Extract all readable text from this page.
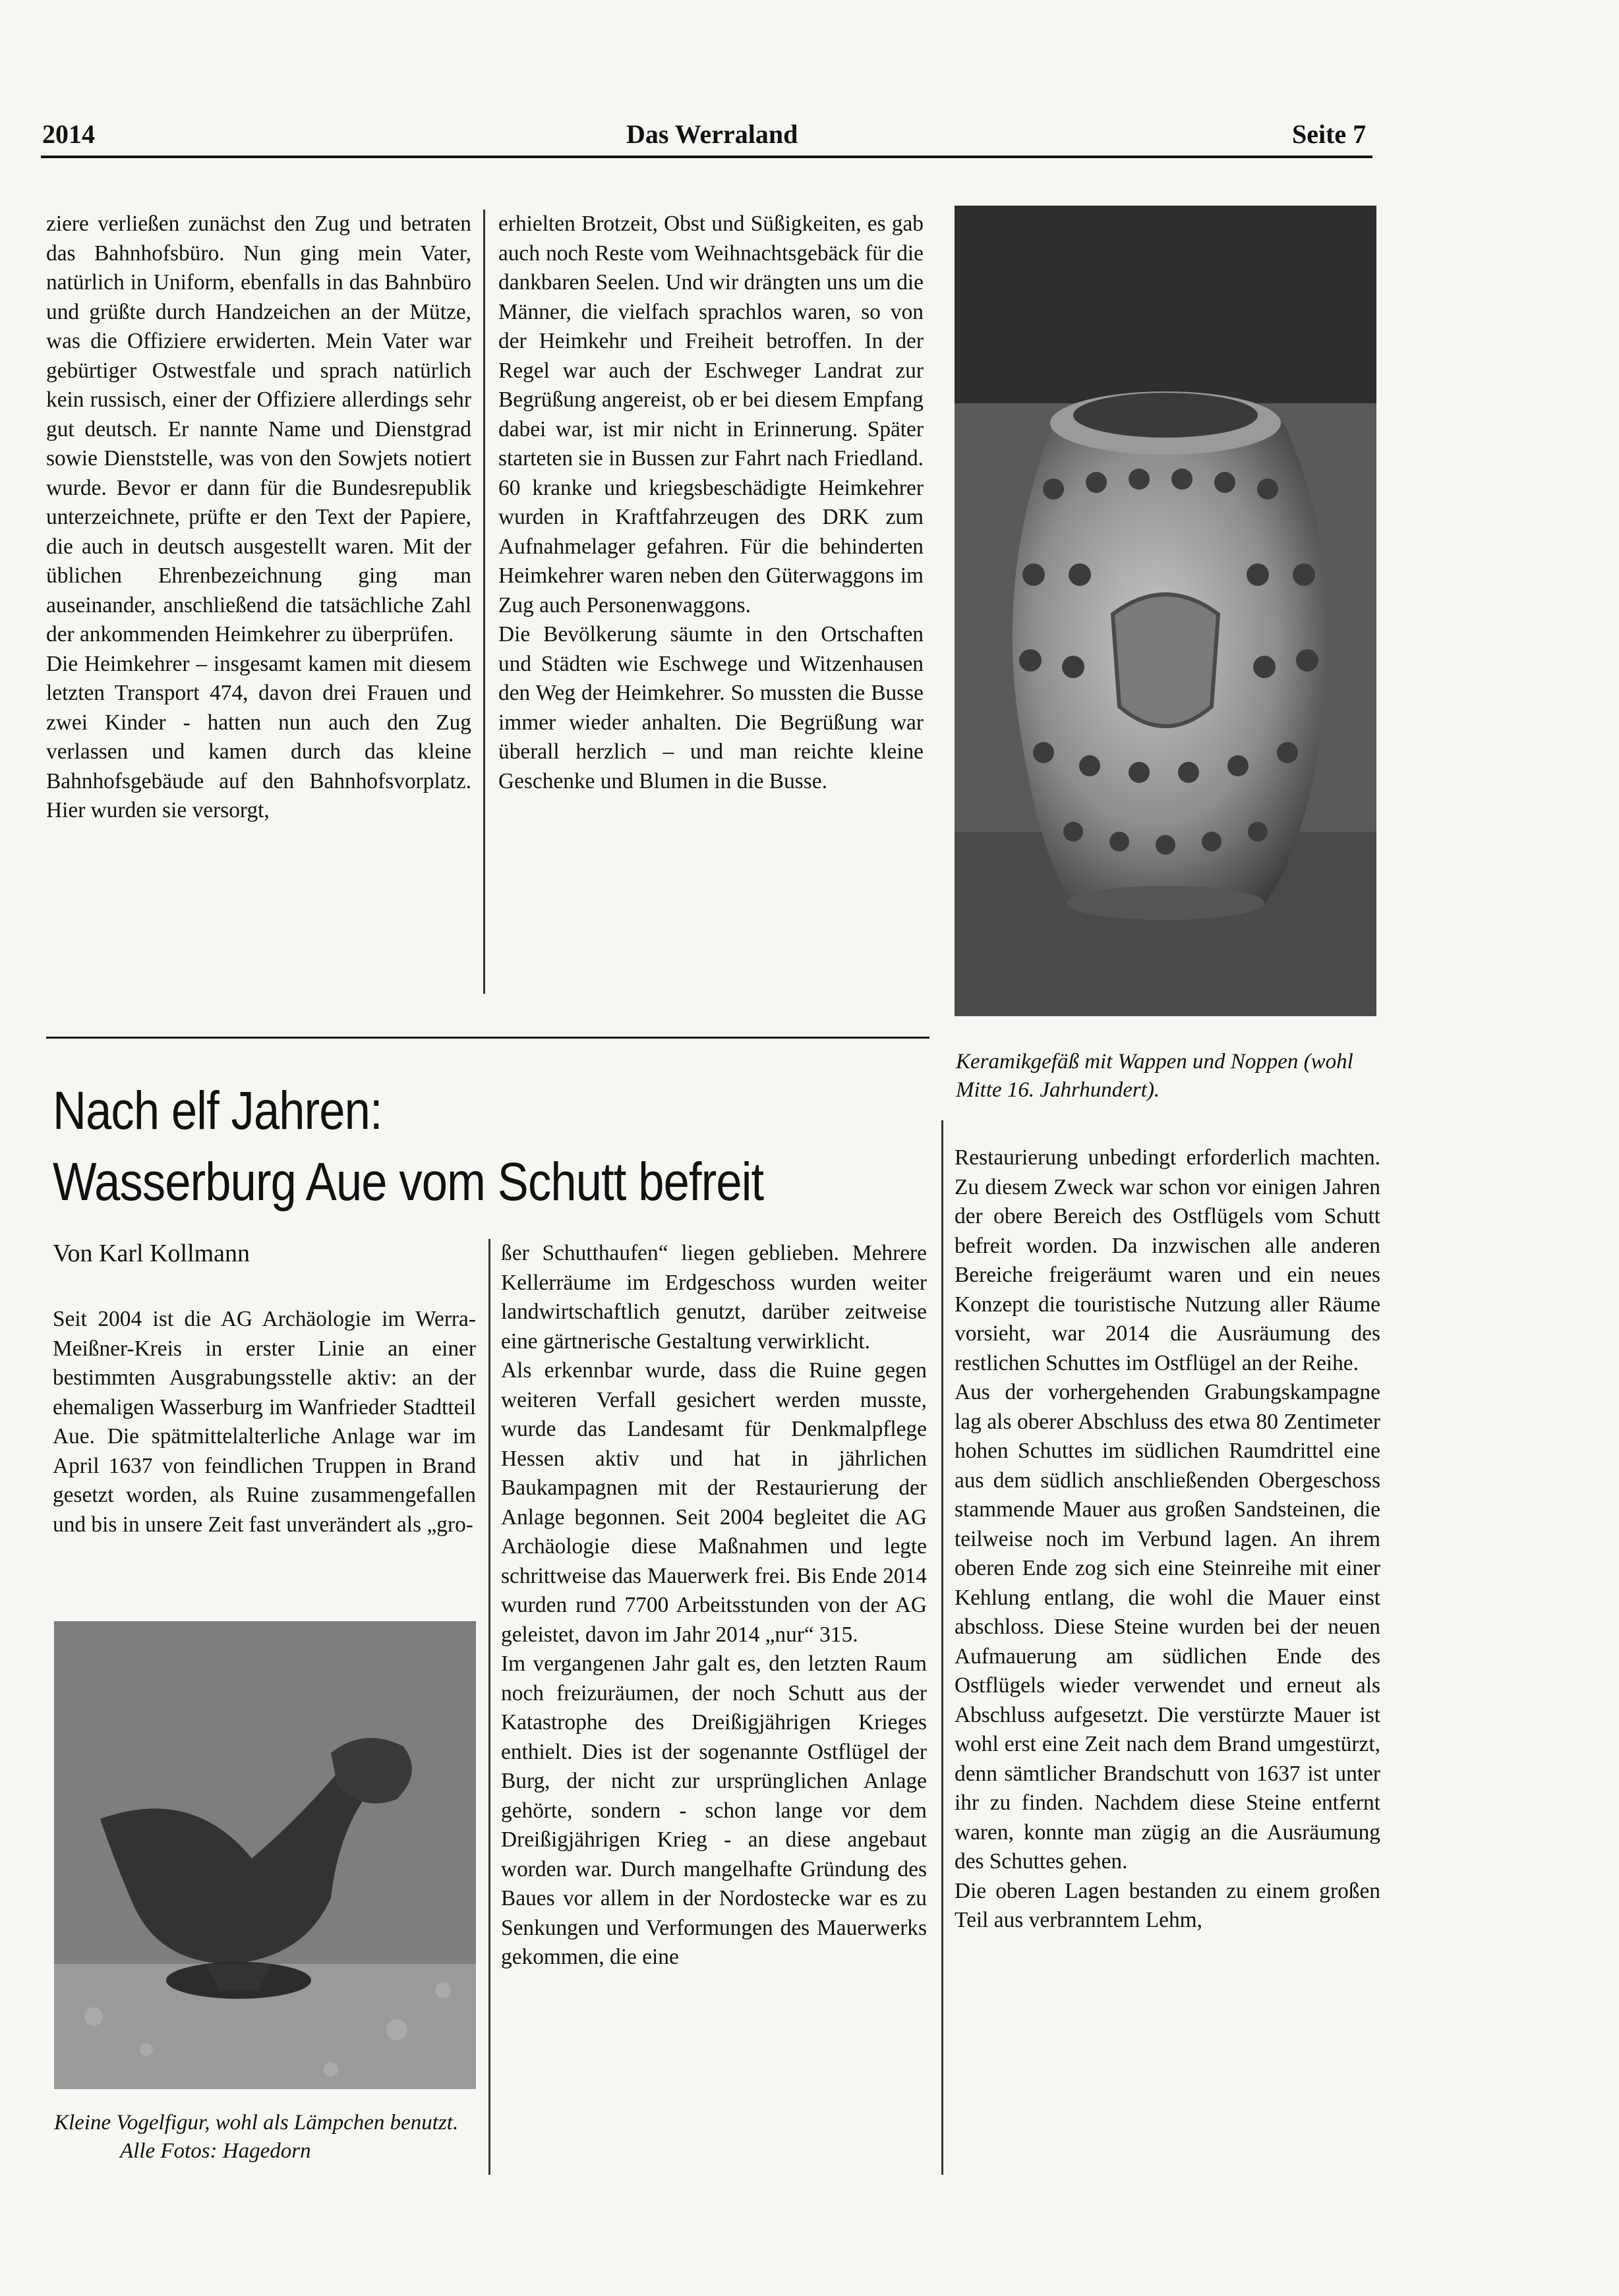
2014	Das Werraland	Seite 7

ziere verließen zunächst den Zug und betraten das Bahnhofsbüro. Nun ging mein Vater, natürlich in Uniform, ebenfalls in das Bahnbüro und grüßte durch Handzeichen an der Mütze, was die Offiziere erwiderten. Mein Vater war gebürtiger Ostwestfale und sprach natürlich kein russisch, einer der Offiziere allerdings sehr gut deutsch. Er nannte Name und Dienstgrad sowie Dienststelle, was von den Sowjets notiert wurde. Bevor er dann für die Bundesrepublik unterzeichnete, prüfte er den Text der Papiere, die auch in deutsch ausgestellt waren. Mit der üblichen Ehrenbezeichnung ging man auseinander, anschließend die tatsächliche Zahl der ankommenden Heimkehrer zu überprüfen.

Die Heimkehrer – insgesamt kamen mit diesem letzten Transport 474, davon drei Frauen und zwei Kinder - hatten nun auch den Zug verlassen und kamen durch das kleine Bahnhofsgebäude auf den Bahnhofsvorplatz. Hier wurden sie versorgt,

erhielten Brotzeit, Obst und Süßigkeiten, es gab auch noch Reste vom Weihnachtsgebäck für die dankbaren Seelen. Und wir drängten uns um die Männer, die vielfach sprachlos waren, so von der Heimkehr und Freiheit betroffen. In der Regel war auch der Eschweger Landrat zur Begrüßung angereist, ob er bei diesem Empfang dabei war, ist mir nicht in Erinnerung. Später starteten sie in Bussen zur Fahrt nach Friedland. 60 kranke und kriegsbeschädigte Heimkehrer wurden in Kraftfahrzeugen des DRK zum Aufnahmelager gefahren. Für die behinderten Heimkehrer waren neben den Güterwaggons im Zug auch Personenwaggons.

Die Bevölkerung säumte in den Ortschaften und Städten wie Eschwege und Witzenhausen den Weg der Heimkehrer. So mussten die Busse immer wieder anhalten. Die Begrüßung war überall herzlich – und man reichte kleine Geschenke und Blumen in die Busse.

Keramikgefäß mit Wappen und Noppen (wohl Mitte 16. Jahrhundert).

Nach elf Jahren:

Wasserburg Aue vom Schutt befreit

Von Karl Kollmann

Seit 2004 ist die AG Archäologie im Werra-Meißner-Kreis in erster Linie an einer bestimmten Ausgrabungsstelle aktiv: an der ehemaligen Wasserburg im Wanfrieder Stadtteil Aue. Die spätmittelalterliche Anlage war im April 1637 von feindlichen Truppen in Brand gesetzt worden, als Ruine zusammengefallen und bis in unsere Zeit fast unverändert als „gro-

Kleine Vogelfigur, wohl als Lämpchen benutzt. Alle Fotos: Hagedorn

ßer Schutthaufen“ liegen geblieben. Mehrere Kellerräume im Erdgeschoss wurden weiter landwirtschaftlich genutzt, darüber zeitweise eine gärtnerische Gestaltung verwirklicht.

Als erkennbar wurde, dass die Ruine gegen weiteren Verfall gesichert werden musste, wurde das Landesamt für Denkmalpflege Hessen aktiv und hat in jährlichen Baukampagnen mit der Restaurierung der Anlage begonnen. Seit 2004 begleitet die AG Archäologie diese Maßnahmen und legte schrittweise das Mauerwerk frei. Bis Ende 2014 wurden rund 7700 Arbeitsstunden von der AG geleistet, davon im Jahr 2014 „nur“ 315.

Im vergangenen Jahr galt es, den letzten Raum noch freizuräumen, der noch Schutt aus der Katastrophe des Dreißigjährigen Krieges enthielt. Dies ist der sogenannte Ostflügel der Burg, der nicht zur ursprünglichen Anlage gehörte, sondern - schon lange vor dem Dreißigjährigen Krieg - an diese angebaut worden war. Durch mangelhafte Gründung des Baues vor allem in der Nordostecke war es zu Senkungen und Verformungen des Mauerwerks gekommen, die eine

Restaurierung unbedingt erforderlich machten. Zu diesem Zweck war schon vor einigen Jahren der obere Bereich des Ostflügels vom Schutt befreit worden. Da inzwischen alle anderen Bereiche freigeräumt waren und ein neues Konzept die touristische Nutzung aller Räume vorsieht, war 2014 die Ausräumung des restlichen Schuttes im Ostflügel an der Reihe.

Aus der vorhergehenden Grabungskampagne lag als oberer Abschluss des etwa 80 Zentimeter hohen Schuttes im südlichen Raumdrittel eine aus dem südlich anschließenden Obergeschoss stammende Mauer aus großen Sandsteinen, die teilweise noch im Verbund lagen. An ihrem oberen Ende zog sich eine Steinreihe mit einer Kehlung entlang, die wohl die Mauer einst abschloss. Diese Steine wurden bei der neuen Aufmauerung am südlichen Ende des Ostflügels wieder verwendet und erneut als Abschluss aufgesetzt. Die verstürzte Mauer ist wohl erst eine Zeit nach dem Brand umgestürzt, denn sämtlicher Brandschutt von 1637 ist unter ihr zu finden. Nachdem diese Steine entfernt waren, konnte man zügig an die Ausräumung des Schuttes gehen.

Die oberen Lagen bestanden zu einem großen Teil aus verbranntem Lehm,
